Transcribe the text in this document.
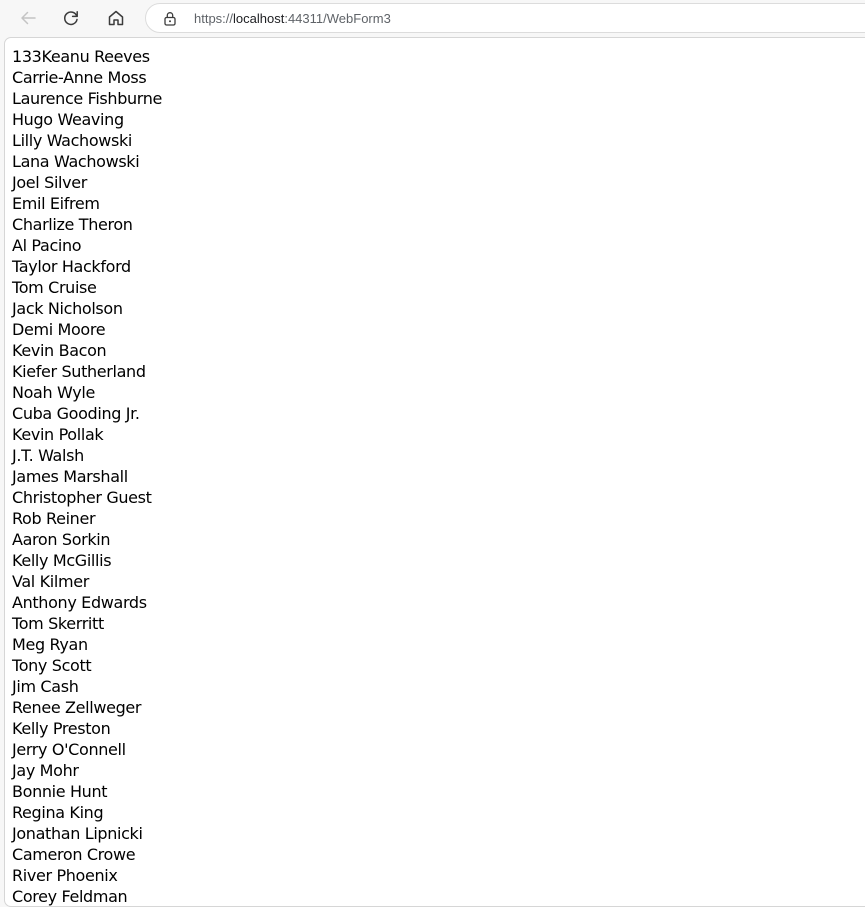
https://localhost:44311/WebForm3
133Keanu Reeves
Carrie-Anne Moss
Laurence Fishburne
Hugo Weaving
Lilly Wachowski
Lana Wachowski
Joel Silver
Emil Eifrem
Charlize Theron
Al Pacino
Taylor Hackford
Tom Cruise
Jack Nicholson
Demi Moore
Kevin Bacon
Kiefer Sutherland
Noah Wyle
Cuba Gooding Jr.
Kevin Pollak
J.T. Walsh
James Marshall
Christopher Guest
Rob Reiner
Aaron Sorkin
Kelly McGillis
Val Kilmer
Anthony Edwards
Tom Skerritt
Meg Ryan
Tony Scott
Jim Cash
Renee Zellweger
Kelly Preston
Jerry O'Connell
Jay Mohr
Bonnie Hunt
Regina King
Jonathan Lipnicki
Cameron Crowe
River Phoenix
Corey Feldman
